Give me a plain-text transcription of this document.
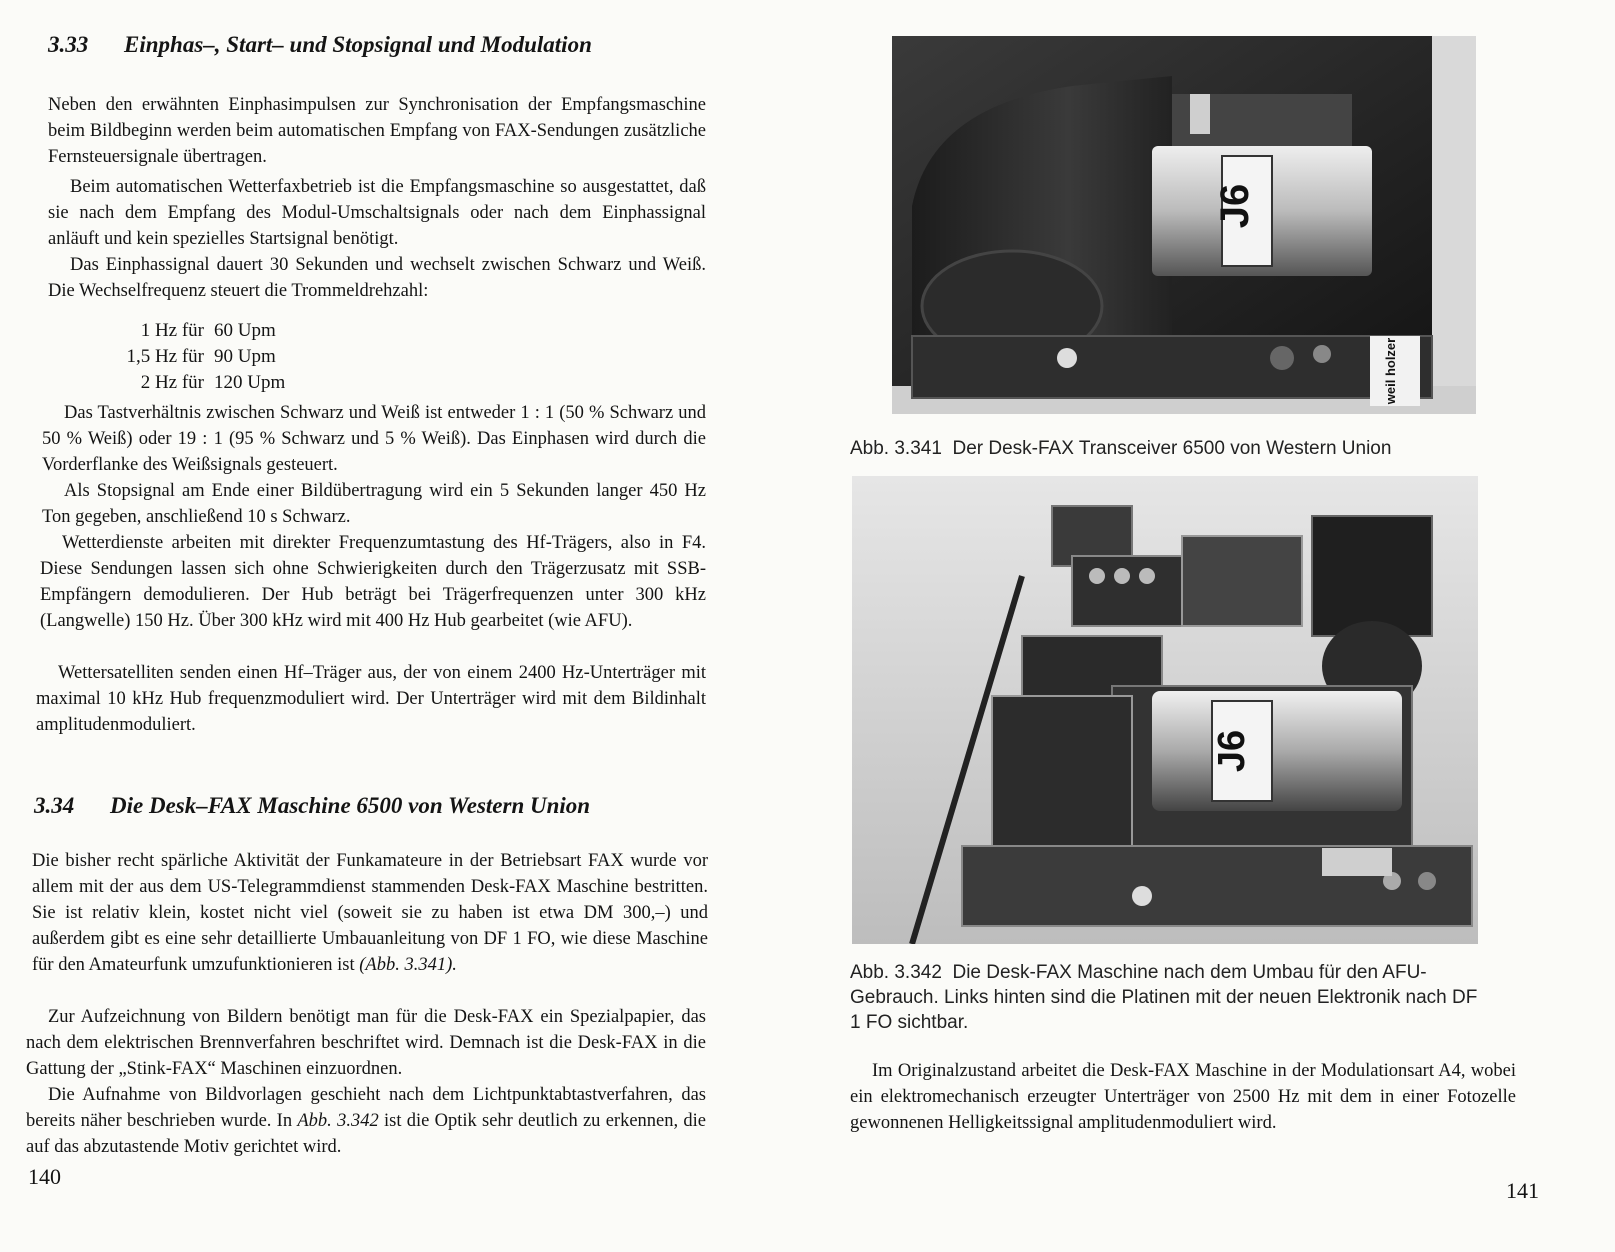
3.33 Einphas–, Start– und Stopsignal und Modulation

Neben den erwähnten Einphasimpulsen zur Synchronisation der Empfangsmaschine beim Bildbeginn werden beim automatischen Empfang von FAX-Sendungen zusätzliche Fernsteuersignale übertragen.

Beim automatischen Wetterfaxbetrieb ist die Empfangsmaschine so ausgestattet, daß sie nach dem Empfang des Modul-Umschaltsignals oder nach dem Einphassignal anläuft und kein spezielles Startsignal benötigt.

Das Einphassignal dauert 30 Sekunden und wechselt zwischen Schwarz und Weiß. Die Wechselfrequenz steuert die Trommeldrehzahl:

1 Hz für	60 Upm
1,5 Hz für	90 Upm
2 Hz für	120 Upm

Das Tastverhältnis zwischen Schwarz und Weiß ist entweder 1 : 1 (50 % Schwarz und 50 % Weiß) oder 19 : 1 (95 % Schwarz und 5 % Weiß). Das Einphasen wird durch die Vorderflanke des Weißsignals gesteuert.

Als Stopsignal am Ende einer Bildübertragung wird ein 5 Sekunden langer 450 Hz Ton gegeben, anschließend 10 s Schwarz.

Wetterdienste arbeiten mit direkter Frequenzumtastung des Hf-Trägers, also in F4. Diese Sendungen lassen sich ohne Schwierigkeiten durch den Trägerzusatz mit SSB-Empfängern demodulieren. Der Hub beträgt bei Trägerfrequenzen unter 300 kHz (Langwelle) 150 Hz. Über 300 kHz wird mit 400 Hz Hub gearbeitet (wie AFU).

Wettersatelliten senden einen Hf–Träger aus, der von einem 2400 Hz-Unterträger mit maximal 10 kHz Hub frequenzmoduliert wird. Der Unterträger wird mit dem Bildinhalt amplitudenmoduliert.

3.34 Die Desk–FAX Maschine 6500 von Western Union

Die bisher recht spärliche Aktivität der Funkamateure in der Betriebsart FAX wurde vor allem mit der aus dem US-Telegrammdienst stammenden Desk-FAX Maschine bestritten. Sie ist relativ klein, kostet nicht viel (soweit sie zu haben ist etwa DM 300,–) und außerdem gibt es eine sehr detaillierte Umbauanleitung von DF 1 FO, wie diese Maschine für den Amateurfunk umzufunktionieren ist (Abb. 3.341).

Zur Aufzeichnung von Bildern benötigt man für die Desk-FAX ein Spezialpapier, das nach dem elektrischen Brennverfahren beschriftet wird. Demnach ist die Desk-FAX in die Gattung der „Stink-FAX“ Maschinen einzuordnen.

Die Aufnahme von Bildvorlagen geschieht nach dem Lichtpunktabtastverfahren, das bereits näher beschrieben wurde. In Abb. 3.342 ist die Optik sehr deutlich zu erkennen, die auf das abzutastende Motiv gerichtet wird.

140
J6
weil holzer

Abb. 3.341 Der Desk-FAX Transceiver 6500 von Western Union

J6

Abb. 3.342 Die Desk-FAX Maschine nach dem Umbau für den AFU-Gebrauch. Links hinten sind die Platinen mit der neuen Elektronik nach DF 1 FO sichtbar.

Im Originalzustand arbeitet die Desk-FAX Maschine in der Modulationsart A4, wobei ein elektromechanisch erzeugter Unterträger von 2500 Hz mit dem in einer Fotozelle gewonnenen Helligkeitssignal amplitudenmoduliert wird.

141
